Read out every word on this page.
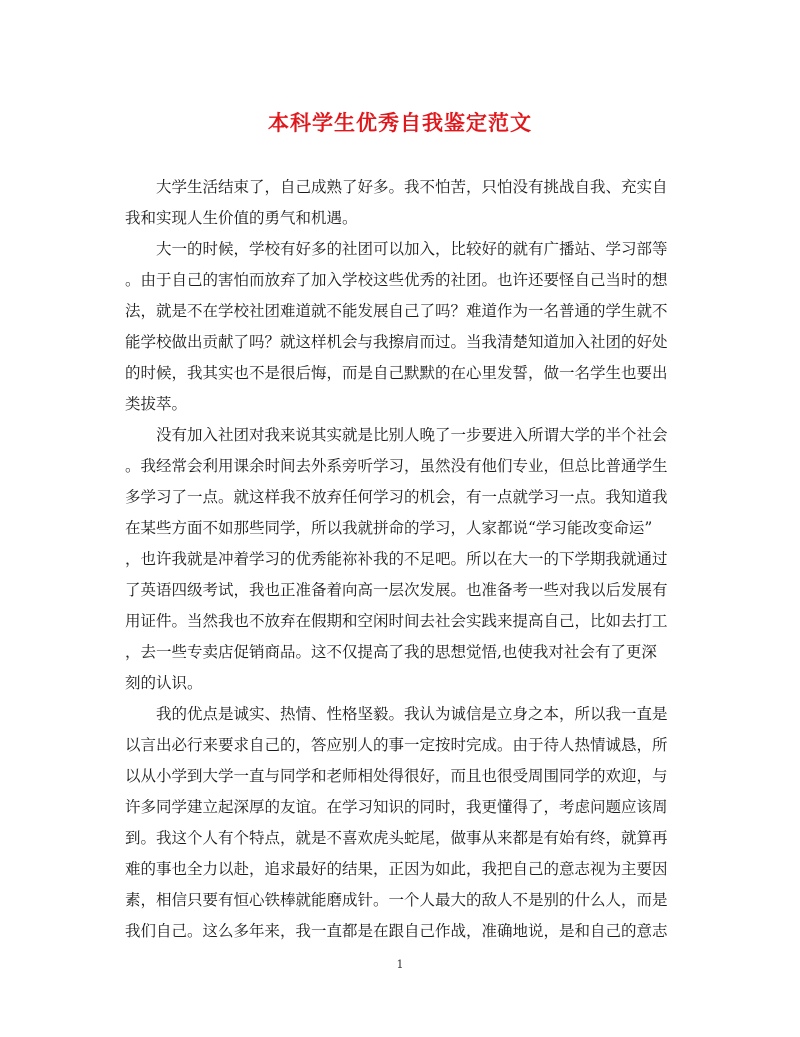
本科学生优秀自我鉴定范文
　　大学生活结束了，自己成熟了好多。我不怕苦，只怕没有挑战自我、充实自
我和实现人生价值的勇气和机遇。
　　大一的时候，学校有好多的社团可以加入，比较好的就有广播站、学习部等
。由于自己的害怕而放弃了加入学校这些优秀的社团。也许还要怪自己当时的想
法，就是不在学校社团难道就不能发展自己了吗？难道作为一名普通的学生就不
能学校做出贡献了吗？就这样机会与我擦肩而过。当我清楚知道加入社团的好处
的时候，我其实也不是很后悔，而是自己默默的在心里发誓，做一名学生也要出
类拔萃。
　　没有加入社团对我来说其实就是比别人晚了一步要进入所谓大学的半个社会
。我经常会利用课余时间去外系旁听学习，虽然没有他们专业，但总比普通学生
多学习了一点。就这样我不放弃任何学习的机会，有一点就学习一点。我知道我
在某些方面不如那些同学，所以我就拼命的学习，人家都说“学习能改变命运”
，也许我就是冲着学习的优秀能祢补我的不足吧。所以在大一的下学期我就通过
了英语四级考试，我也正准备着向高一层次发展。也准备考一些对我以后发展有
用证件。当然我也不放弃在假期和空闲时间去社会实践来提高自己，比如去打工
，去一些专卖店促销商品。这不仅提高了我的思想觉悟,也使我对社会有了更深
刻的认识。
　　我的优点是诚实、热情、性格坚毅。我认为诚信是立身之本，所以我一直是
以言出必行来要求自己的，答应别人的事一定按时完成。由于待人热情诚恳，所
以从小学到大学一直与同学和老师相处得很好，而且也很受周围同学的欢迎，与
许多同学建立起深厚的友谊。在学习知识的同时，我更懂得了，考虑问题应该周
到。我这个人有个特点，就是不喜欢虎头蛇尾，做事从来都是有始有终，就算再
难的事也全力以赴，追求最好的结果，正因为如此，我把自己的意志视为主要因
素，相信只要有恒心铁棒就能磨成针。一个人最大的敌人不是别的什么人，而是
我们自己。这么多年来，我一直都是在跟自己作战，准确地说，是和自己的意志
1
